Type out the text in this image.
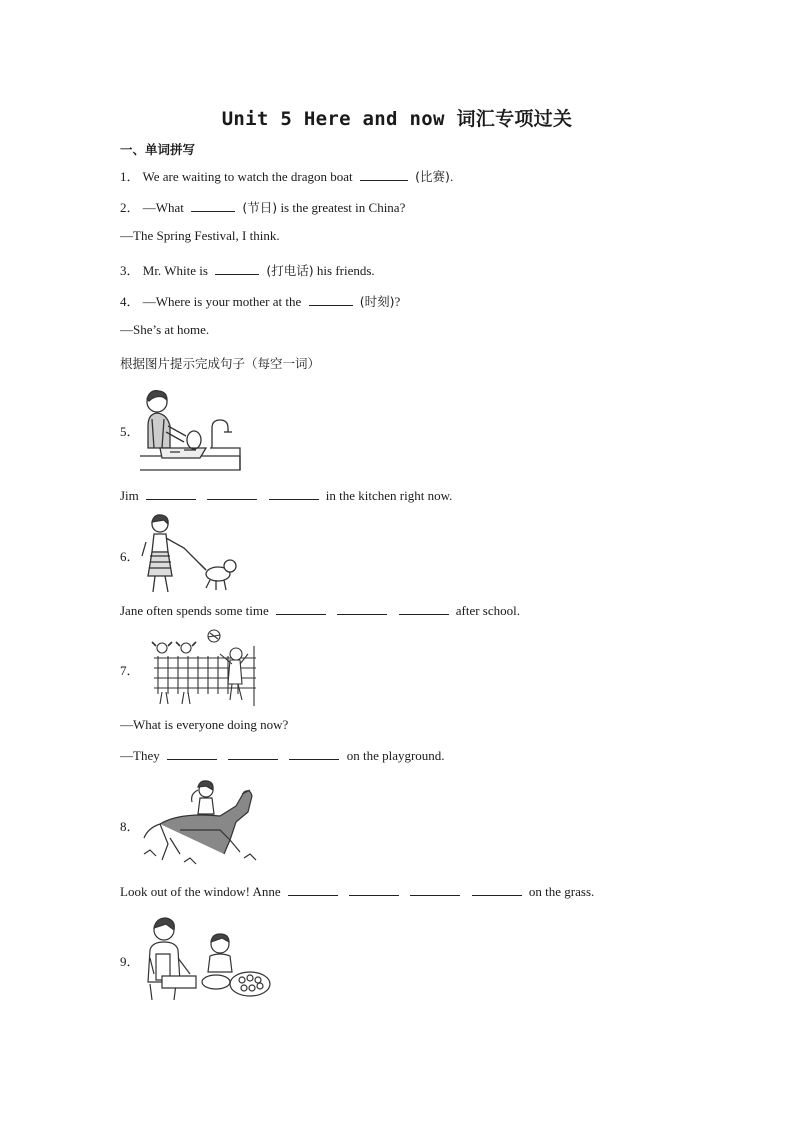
Unit 5 Here and now 词汇专项过关
一、单词拼写
1． We are waiting to watch the dragon boat	(比赛).
2． —What	(节日) is the greatest in China?
—The Spring Festival, I think.
3． Mr. White is	(打电话) his friends.
4． —Where is your mother at the	(时刻)?
—She’s at home.
根据图片提示完成句子（每空一词）
5．
Jim	in the kitchen right now.
6．
Jane often spends some time	after school.
7．
—What is everyone doing now?
—They	on the playground.
8．
Look out of the window! Anne	on the grass.
9．
